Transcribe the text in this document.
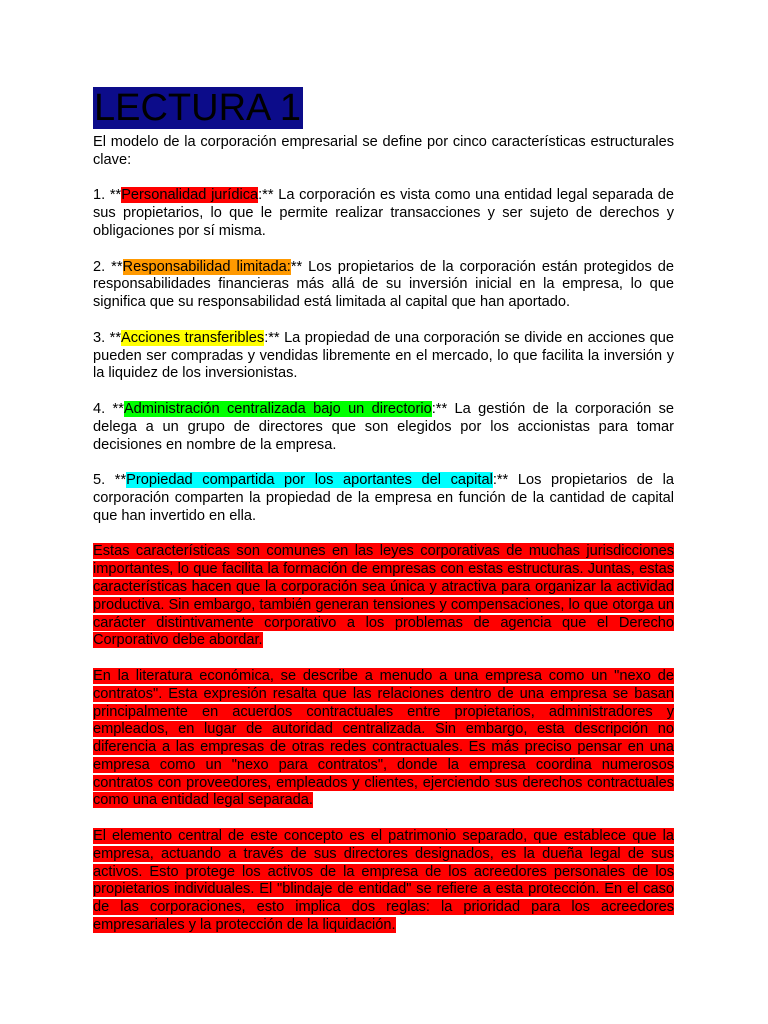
LECTURA 1

El modelo de la corporación empresarial se define por cinco características estructurales clave:

1. **Personalidad jurídica:** La corporación es vista como una entidad legal separada de sus propietarios, lo que le permite realizar transacciones y ser sujeto de derechos y obligaciones por sí misma.

2. **Responsabilidad limitada:** Los propietarios de la corporación están protegidos de responsabilidades financieras más allá de su inversión inicial en la empresa, lo que significa que su responsabilidad está limitada al capital que han aportado.

3. **Acciones transferibles:** La propiedad de una corporación se divide en acciones que pueden ser compradas y vendidas libremente en el mercado, lo que facilita la inversión y la liquidez de los inversionistas.

4. **Administración centralizada bajo un directorio:** La gestión de la corporación se delega a un grupo de directores que son elegidos por los accionistas para tomar decisiones en nombre de la empresa.

5. **Propiedad compartida por los aportantes del capital:** Los propietarios de la corporación comparten la propiedad de la empresa en función de la cantidad de capital que han invertido en ella.

Estas características son comunes en las leyes corporativas de muchas jurisdicciones importantes, lo que facilita la formación de empresas con estas estructuras. Juntas, estas características hacen que la corporación sea única y atractiva para organizar la actividad productiva. Sin embargo, también generan tensiones y compensaciones, lo que otorga un carácter distintivamente corporativo a los problemas de agencia que el Derecho Corporativo debe abordar.

En la literatura económica, se describe a menudo a una empresa como un "nexo de contratos". Esta expresión resalta que las relaciones dentro de una empresa se basan principalmente en acuerdos contractuales entre propietarios, administradores y empleados, en lugar de autoridad centralizada. Sin embargo, esta descripción no diferencia a las empresas de otras redes contractuales. Es más preciso pensar en una empresa como un "nexo para contratos", donde la empresa coordina numerosos contratos con proveedores, empleados y clientes, ejerciendo sus derechos contractuales como una entidad legal separada.

El elemento central de este concepto es el patrimonio separado, que establece que la empresa, actuando a través de sus directores designados, es la dueña legal de sus activos. Esto protege los activos de la empresa de los acreedores personales de los propietarios individuales. El "blindaje de entidad" se refiere a esta protección. En el caso de las corporaciones, esto implica dos reglas: la prioridad para los acreedores empresariales y la protección de la liquidación.
